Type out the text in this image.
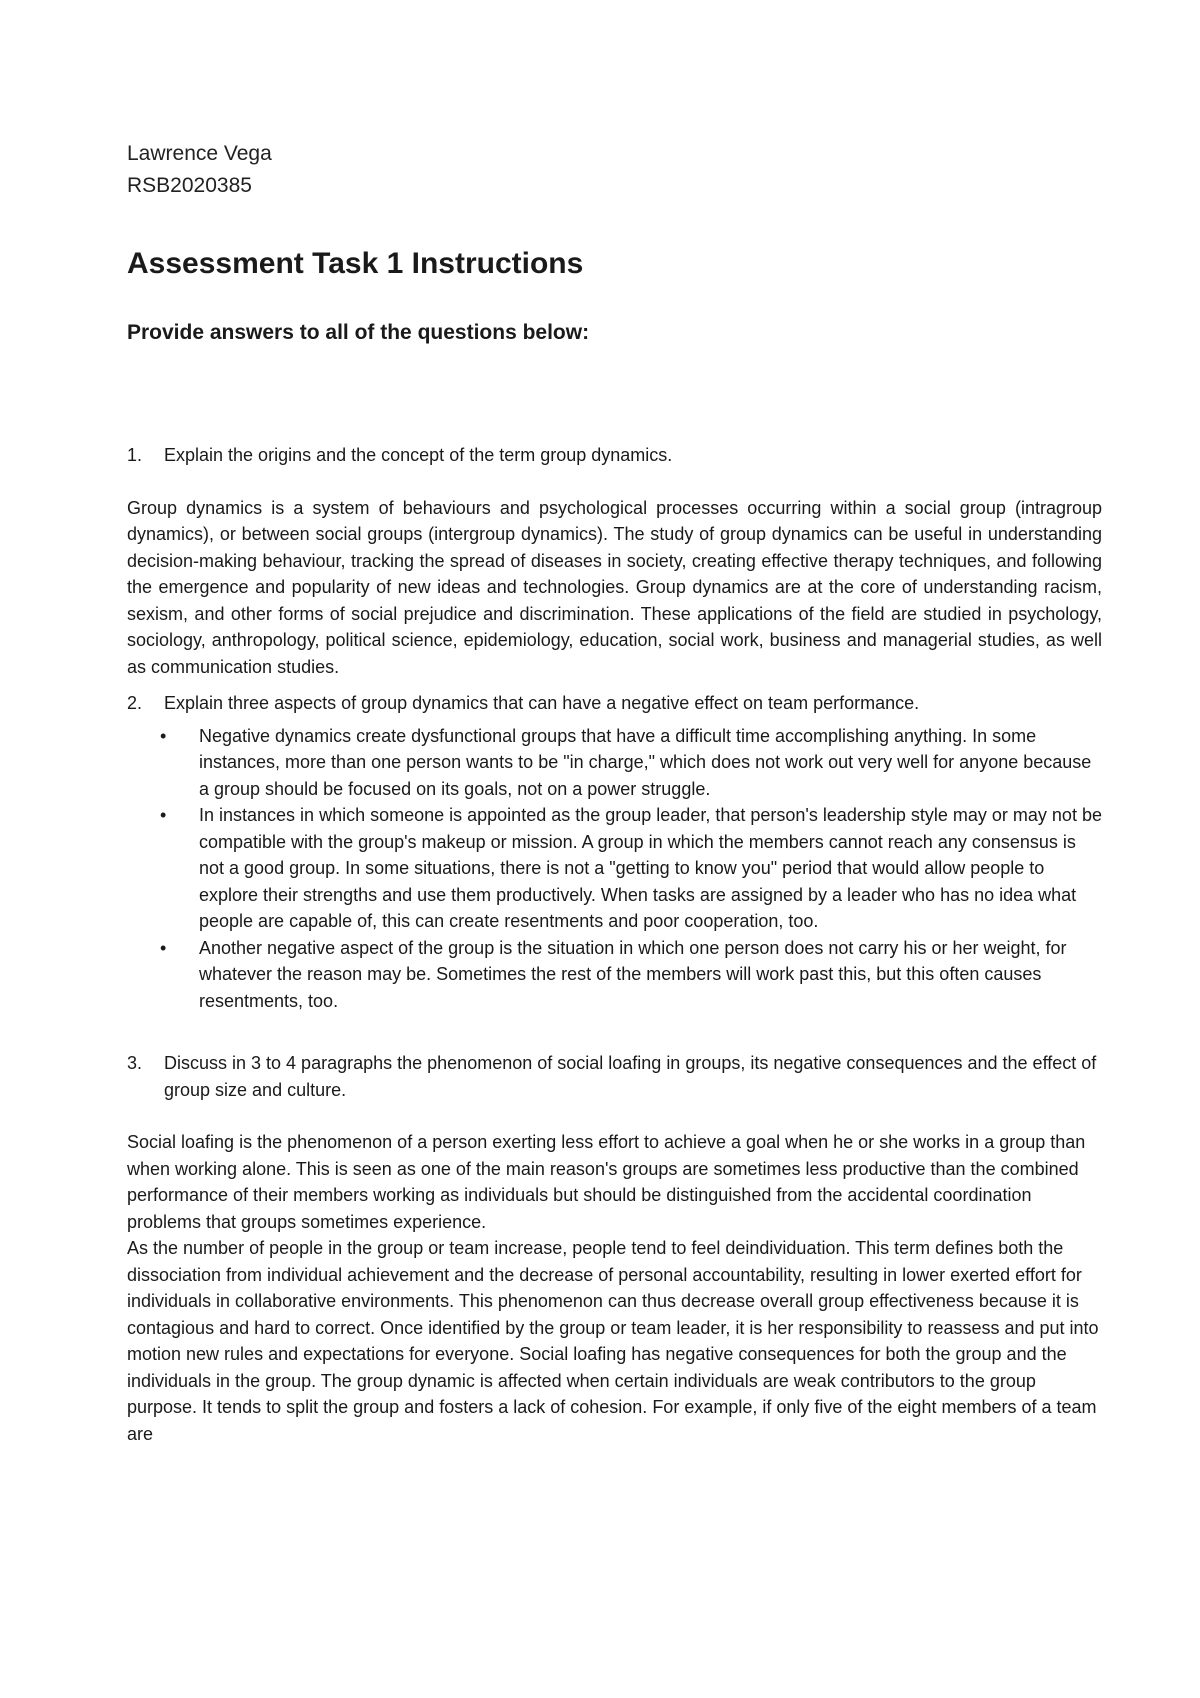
Lawrence Vega
RSB2020385
Assessment Task 1 Instructions
Provide answers to all of the questions below:
1. Explain the origins and the concept of the term group dynamics.
Group dynamics is a system of behaviours and psychological processes occurring within a social group (intragroup dynamics), or between social groups (intergroup dynamics). The study of group dynamics can be useful in understanding decision-making behaviour, tracking the spread of diseases in society, creating effective therapy techniques, and following the emergence and popularity of new ideas and technologies. Group dynamics are at the core of understanding racism, sexism, and other forms of social prejudice and discrimination. These applications of the field are studied in psychology, sociology, anthropology, political science, epidemiology, education, social work, business and managerial studies, as well as communication studies.
2. Explain three aspects of group dynamics that can have a negative effect on team performance.
• Negative dynamics create dysfunctional groups that have a difficult time accomplishing anything. In some instances, more than one person wants to be "in charge," which does not work out very well for anyone because a group should be focused on its goals, not on a power struggle.
• In instances in which someone is appointed as the group leader, that person's leadership style may or may not be compatible with the group's makeup or mission. A group in which the members cannot reach any consensus is not a good group. In some situations, there is not a "getting to know you" period that would allow people to explore their strengths and use them productively. When tasks are assigned by a leader who has no idea what people are capable of, this can create resentments and poor cooperation, too.
• Another negative aspect of the group is the situation in which one person does not carry his or her weight, for whatever the reason may be. Sometimes the rest of the members will work past this, but this often causes resentments, too.
3. Discuss in 3 to 4 paragraphs the phenomenon of social loafing in groups, its negative consequences and the effect of group size and culture.
Social loafing is the phenomenon of a person exerting less effort to achieve a goal when he or she works in a group than when working alone. This is seen as one of the main reason's groups are sometimes less productive than the combined performance of their members working as individuals but should be distinguished from the accidental coordination problems that groups sometimes experience.
As the number of people in the group or team increase, people tend to feel deindividuation. This term defines both the dissociation from individual achievement and the decrease of personal accountability, resulting in lower exerted effort for individuals in collaborative environments. This phenomenon can thus decrease overall group effectiveness because it is contagious and hard to correct. Once identified by the group or team leader, it is her responsibility to reassess and put into motion new rules and expectations for everyone. Social loafing has negative consequences for both the group and the individuals in the group. The group dynamic is affected when certain individuals are weak contributors to the group purpose. It tends to split the group and fosters a lack of cohesion. For example, if only five of the eight members of a team are
